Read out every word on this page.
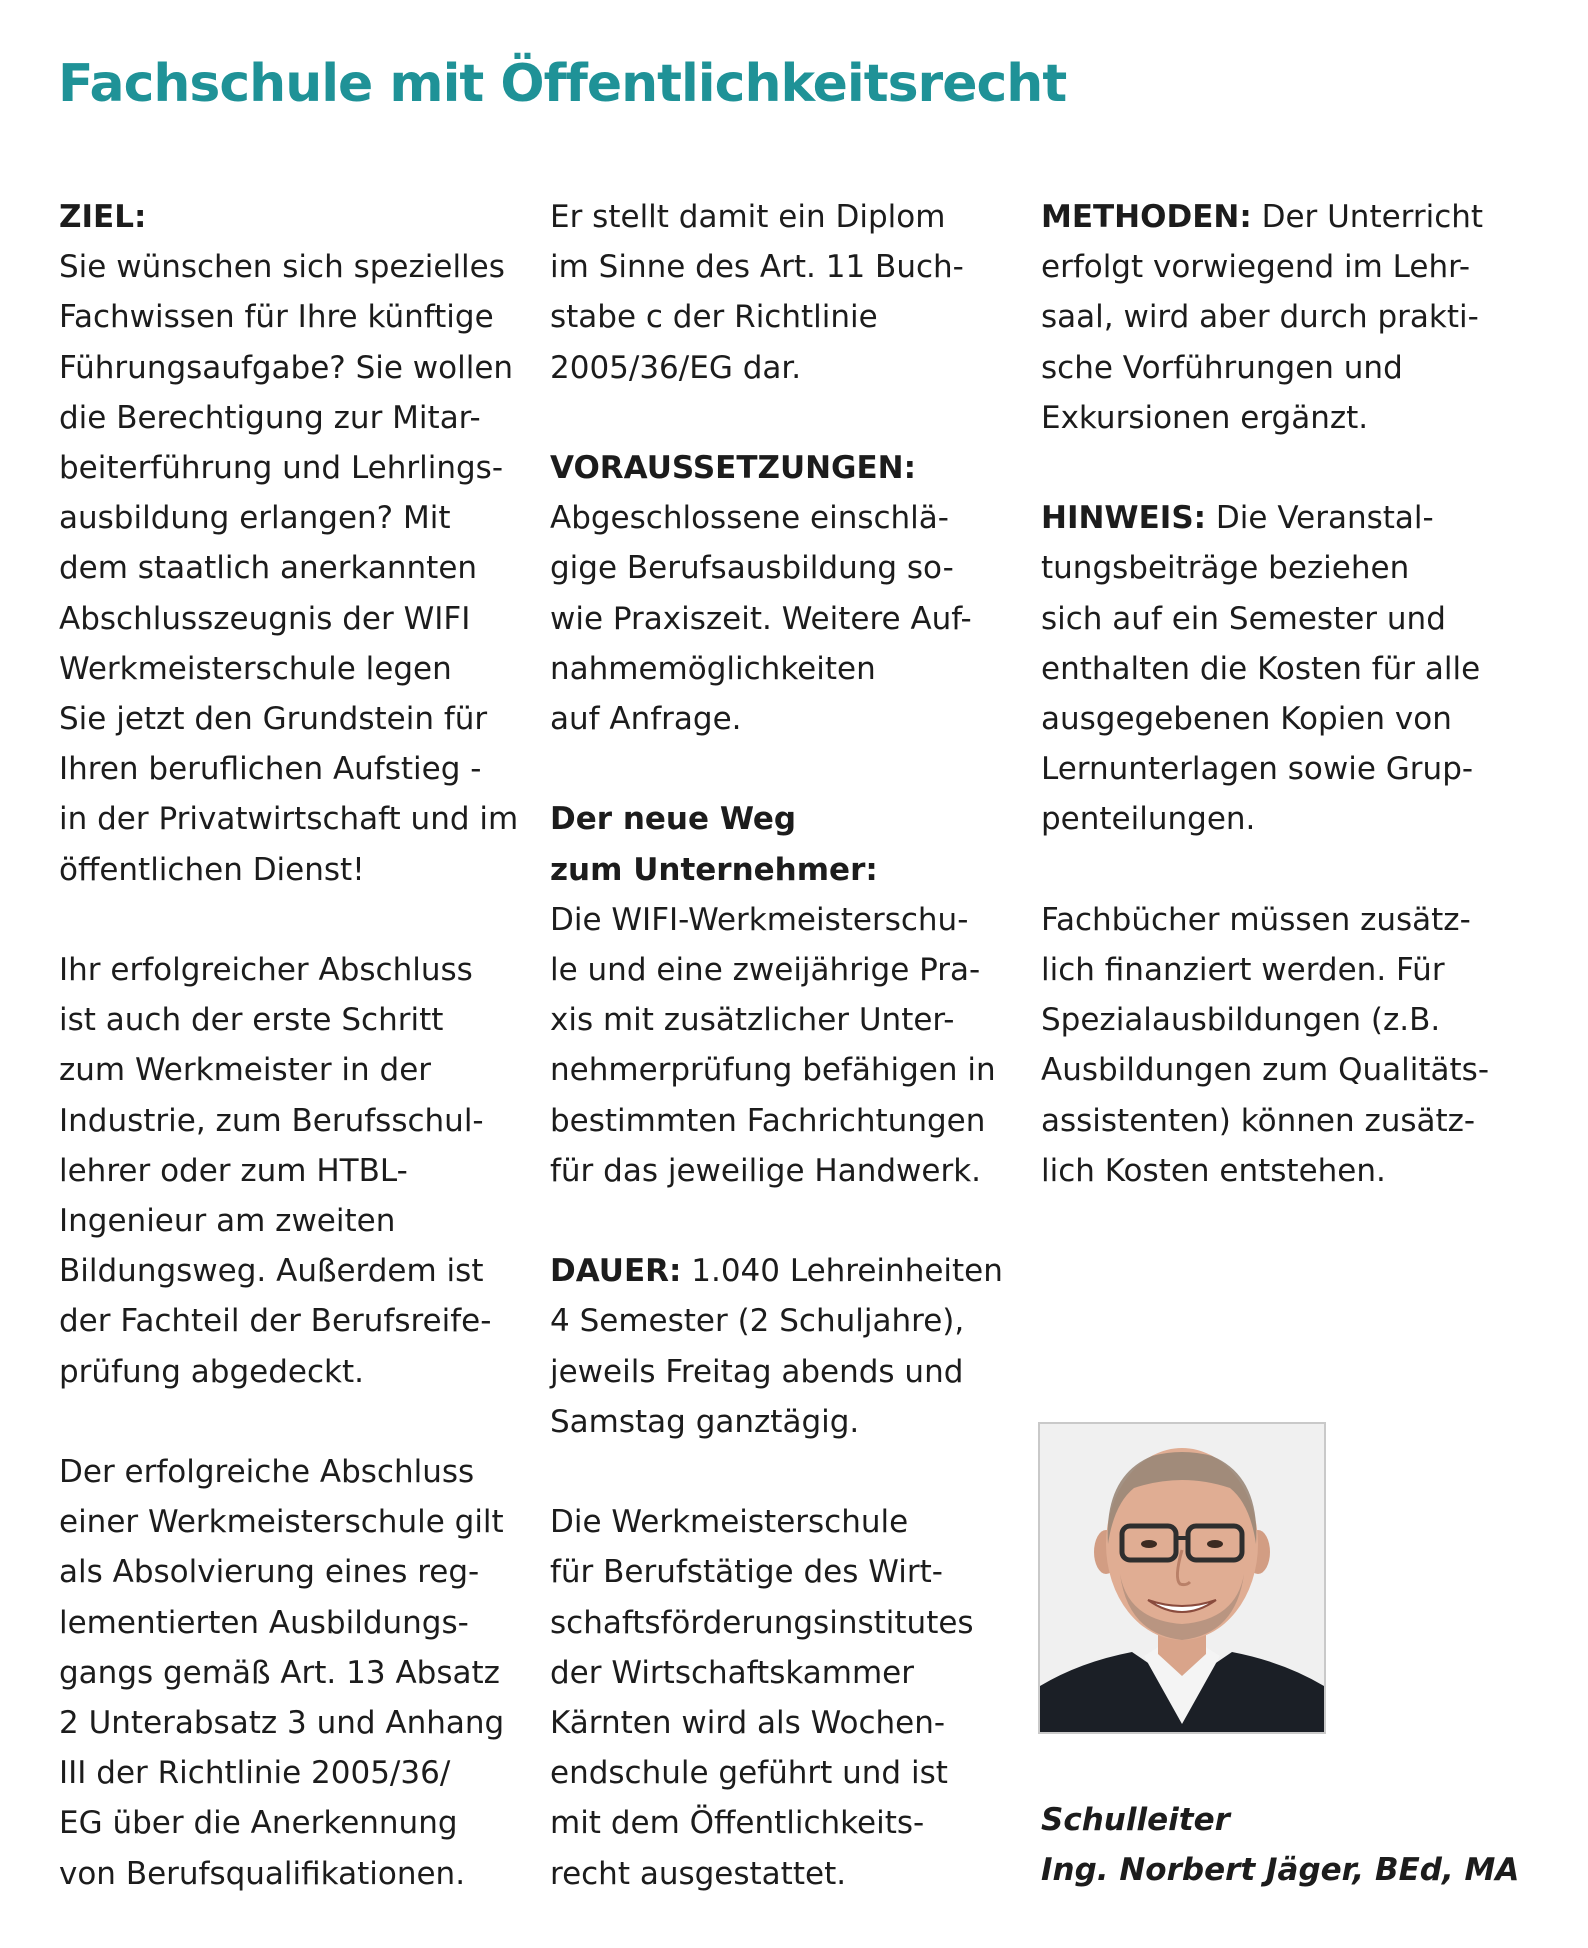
Fachschule mit Öffentlichkeitsrecht

ZIEL:

Sie wünschen sich spezielles

Fachwissen für Ihre künftige

Führungsaufgabe? Sie wollen

die Berechtigung zur Mitar-

beiterführung und Lehrlings-

ausbildung erlangen? Mit

dem staatlich anerkannten

Abschlusszeugnis der WIFI

Werkmeisterschule legen

Sie jetzt den Grundstein für

Ihren beruflichen Aufstieg -

in der Privatwirtschaft und im

öffentlichen Dienst!

Ihr erfolgreicher Abschluss

ist auch der erste Schritt

zum Werkmeister in der

Industrie, zum Berufsschul-

lehrer oder zum HTBL-

Ingenieur am zweiten

Bildungsweg. Außerdem ist

der Fachteil der Berufsreife-

prüfung abgedeckt.

Der erfolgreiche Abschluss

einer Werkmeisterschule gilt

als Absolvierung eines reg-

lementierten Ausbildungs-

gangs gemäß Art. 13 Absatz

2 Unterabsatz 3 und Anhang

III der Richtlinie 2005/36/

EG über die Anerkennung

von Berufsqualifikationen.

Er stellt damit ein Diplom

im Sinne des Art. 11 Buch-

stabe c der Richtlinie

2005/36/EG dar.

VORAUSSETZUNGEN:

Abgeschlossene einschlä-

gige Berufsausbildung so-

wie Praxiszeit. Weitere Auf-

nahmemöglichkeiten

auf Anfrage.

Der neue Weg

zum Unternehmer:

Die WIFI-Werkmeisterschu-

le und eine zweijährige Pra-

xis mit zusätzlicher Unter-

nehmerprüfung befähigen in

bestimmten Fachrichtungen

für das jeweilige Handwerk.

DAUER: 1.040 Lehreinheiten

4 Semester (2 Schuljahre),

jeweils Freitag abends und

Samstag ganztägig.

Die Werkmeisterschule

für Berufstätige des Wirt-

schaftsförderungsinstitutes

der Wirtschaftskammer

Kärnten wird als Wochen-

endschule geführt und ist

mit dem Öffentlichkeits-

recht ausgestattet.

METHODEN: Der Unterricht

erfolgt vorwiegend im Lehr-

saal, wird aber durch prakti-

sche Vorführungen und

Exkursionen ergänzt.

HINWEIS: Die Veranstal-

tungsbeiträge beziehen

sich auf ein Semester und

enthalten die Kosten für alle

ausgegebenen Kopien von

Lernunterlagen sowie Grup-

penteilungen.

Fachbücher müssen zusätz-

lich finanziert werden. Für

Spezialausbildungen (z.B.

Ausbildungen zum Qualitäts-

assistenten) können zusätz-

lich Kosten entstehen.

Schulleiter

Ing. Norbert Jäger, BEd, MA
